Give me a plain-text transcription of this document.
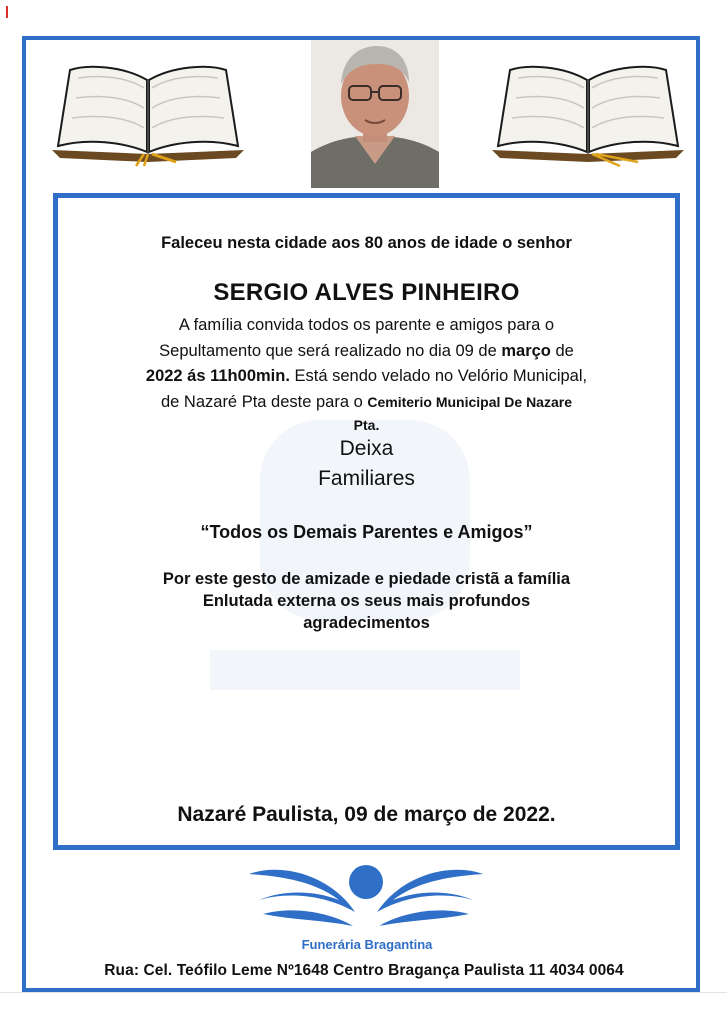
Faleceu nesta cidade aos 80 anos de idade o senhor
SERGIO ALVES PINHEIRO
A família convida todos os parente e amigos para o
Sepultamento que será realizado no dia 09 de março de
2022 ás 11h00min. Está sendo velado no Velório Municipal,
de Nazaré Pta deste para o Cemiterio Municipal De Nazare
Pta.
Deixa
Familiares
“Todos os Demais Parentes e Amigos”
Por este gesto de amizade e piedade cristã a família
Enlutada externa os seus mais profundos
agradecimentos
Nazaré Paulista, 09 de março de 2022.
Funerária Bragantina
Rua: Cel. Teófilo Leme Nº1648 Centro Bragança Paulista 11 4034 0064
